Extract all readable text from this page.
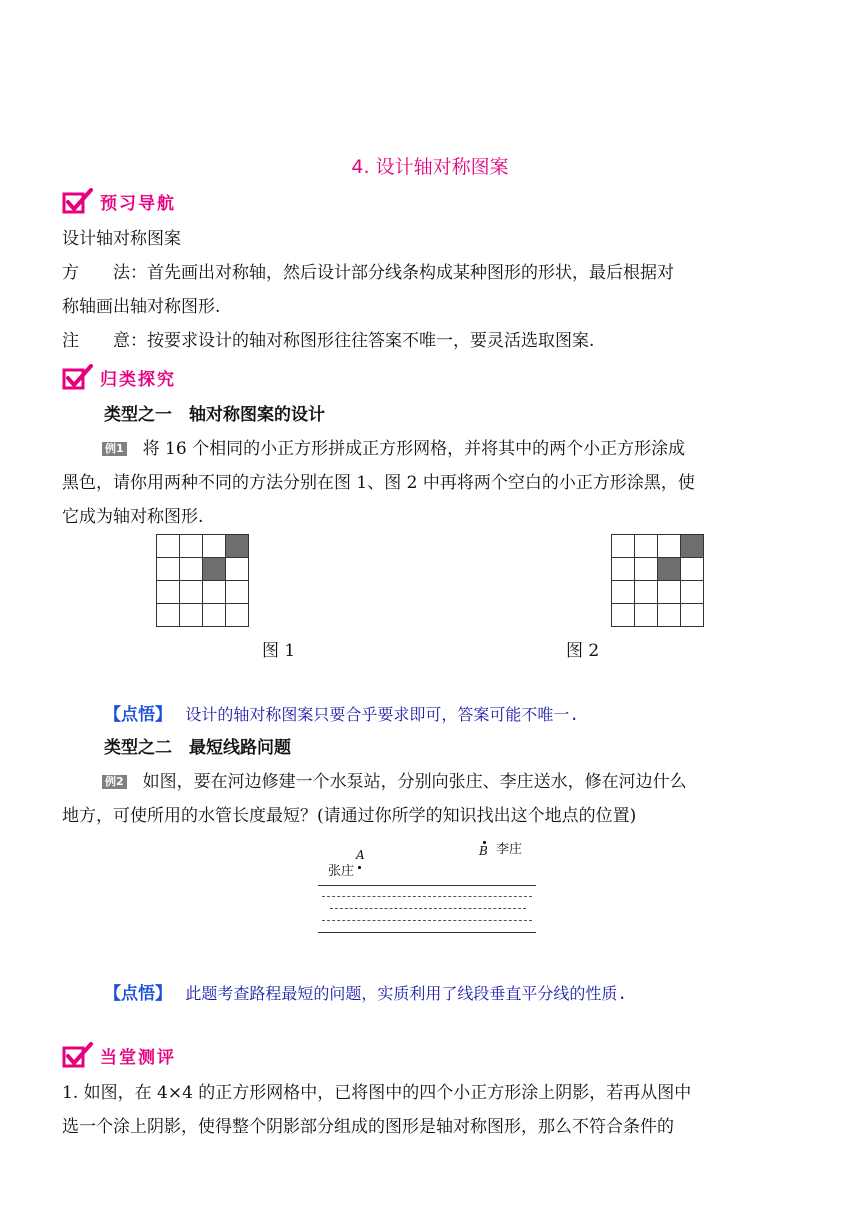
4. 设计轴对称图案
预习导航
设计轴对称图案
方　　法：首先画出对称轴，然后设计部分线条构成某种图形的形状，最后根据对
称轴画出轴对称图形.
注　　意：按要求设计的轴对称图形往往答案不唯一，要灵活选取图案.
归类探究
类型之一　轴对称图案的设计
例1 将 16 个相同的小正方形拼成正方形网格，并将其中的两个小正方形涂成
黑色，请你用两种不同的方法分别在图 1、图 2 中再将两个空白的小正方形涂黑，使
它成为轴对称图形.
图 1	图 2
【点悟】 设计的轴对称图案只要合乎要求即可，答案可能不唯一.
类型之二　最短线路问题
例2 如图，要在河边修建一个水泵站，分别向张庄、李庄送水，修在河边什么
地方，可使所用的水管长度最短？(请通过你所学的知识找出这个地点的位置)
张庄
A	B 李庄
【点悟】 此题考查路程最短的问题，实质利用了线段垂直平分线的性质.
当堂测评
1. 如图，在 4×4 的正方形网格中，已将图中的四个小正方形涂上阴影，若再从图中
选一个涂上阴影，使得整个阴影部分组成的图形是轴对称图形，那么不符合条件的
